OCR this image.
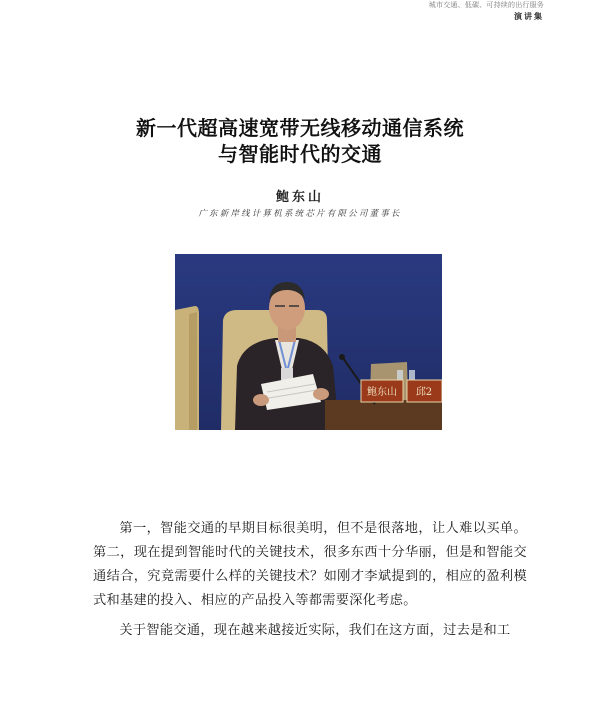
城市交通、低碳、可持续的出行服务
演讲集
新一代超高速宽带无线移动通信系统
与智能时代的交通
鲍东山
广东新岸线计算机系统芯片有限公司董事长
鲍东山 邱2

第一，智能交通的早期目标很美明，但不是很落地，让人难以买单。第二，现在提到智能时代的关键技术，很多东西十分华丽，但是和智能交通结合，究竟需要什么样的关键技术？如刚才李斌提到的，相应的盈利模式和基建的投入、相应的产品投入等都需要深化考虑。

关于智能交通，现在越来越接近实际，我们在这方面，过去是和工
